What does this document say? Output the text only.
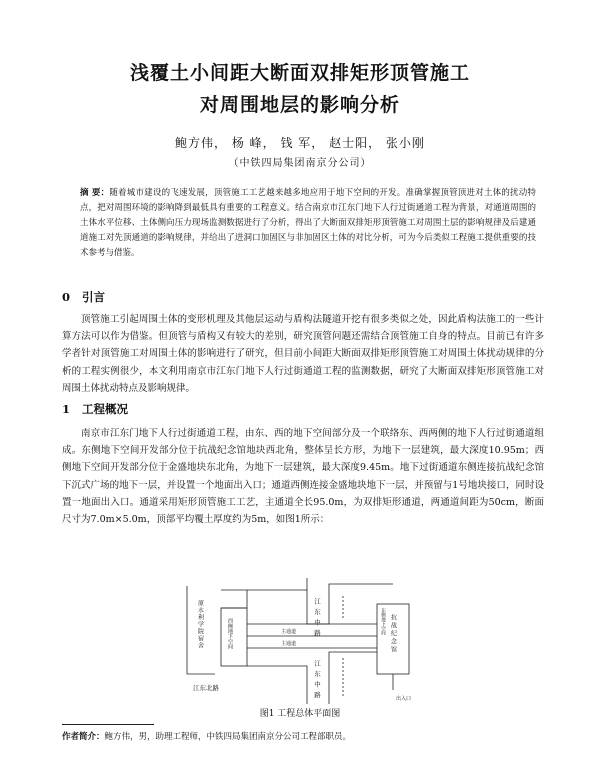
浅覆土小间距大断面双排矩形顶管施工
对周围地层的影响分析
鲍方伟， 杨 峰， 钱 军， 赵士阳， 张小刚
（中铁四局集团南京分公司）
摘 要：随着城市建设的飞速发展，顶管施工工艺越来越多地应用于地下空间的开发。准确掌握顶管顶进对土体的扰动特点，把对周围环境的影响降到最低具有重要的工程意义。结合南京市江东门地下人行过街通道工程为背景，对通道周围的土体水平位移、土体侧向压力现场监测数据进行了分析，得出了大断面双排矩形顶管施工对周围土层的影响规律及后建通道施工对先顶通道的影响规律，并给出了进洞口加固区与非加固区土体的对比分析，可为今后类似工程施工提供重要的技术参考与借鉴。
0 引言
顶管施工引起周围土体的变形机理及其他层运动与盾构法隧道开挖有很多类似之处，因此盾构法施工的一些计算方法可以作为借鉴。但顶管与盾构又有较大的差别，研究顶管问题还需结合顶管施工自身的特点。目前已有许多学者针对顶管施工对周围土体的影响进行了研究，但目前小间距大断面双排矩形顶管施工对周围土体扰动规律的分析的工程实例很少，本文利用南京市江东门地下人行过街通道工程的监测数据，研究了大断面双排矩形顶管施工对周围土体扰动特点及影响规律。
1 工程概况
南京市江东门地下人行过街通道工程，由东、西的地下空间部分及一个联络东、西两侧的地下人行过街通道组成。东侧地下空间开发部分位于抗战纪念馆地块西北角，整体呈长方形，为地下一层建筑，最大深度10.95m；西侧地下空间开发部分位于金盛地块东北角，为地下一层建筑，最大深度9.45m。地下过街通道东侧连接抗战纪念馆下沉式广场的地下一层，并设置一个地面出入口；通道西侧连接金盛地块地下一层，并预留与1号地块接口，同时设置一地面出入口。通道采用矩形顶管施工工艺，主通道全长95.0m，为双排矩形通道，两通道间距为50cm，断面尺寸为7.0m×5.0m，顶部平均覆土厚度约为5m，如图1所示：
江东中路
江东中路
原水利学院宿舍
江东北路
抗战纪念馆
西侧地下空间	东侧地下空间
主通道
主通道
出入口
图1 工程总体平面图
作者简介：鲍方伟，男，助理工程师，中铁四局集团南京分公司工程部职员。
